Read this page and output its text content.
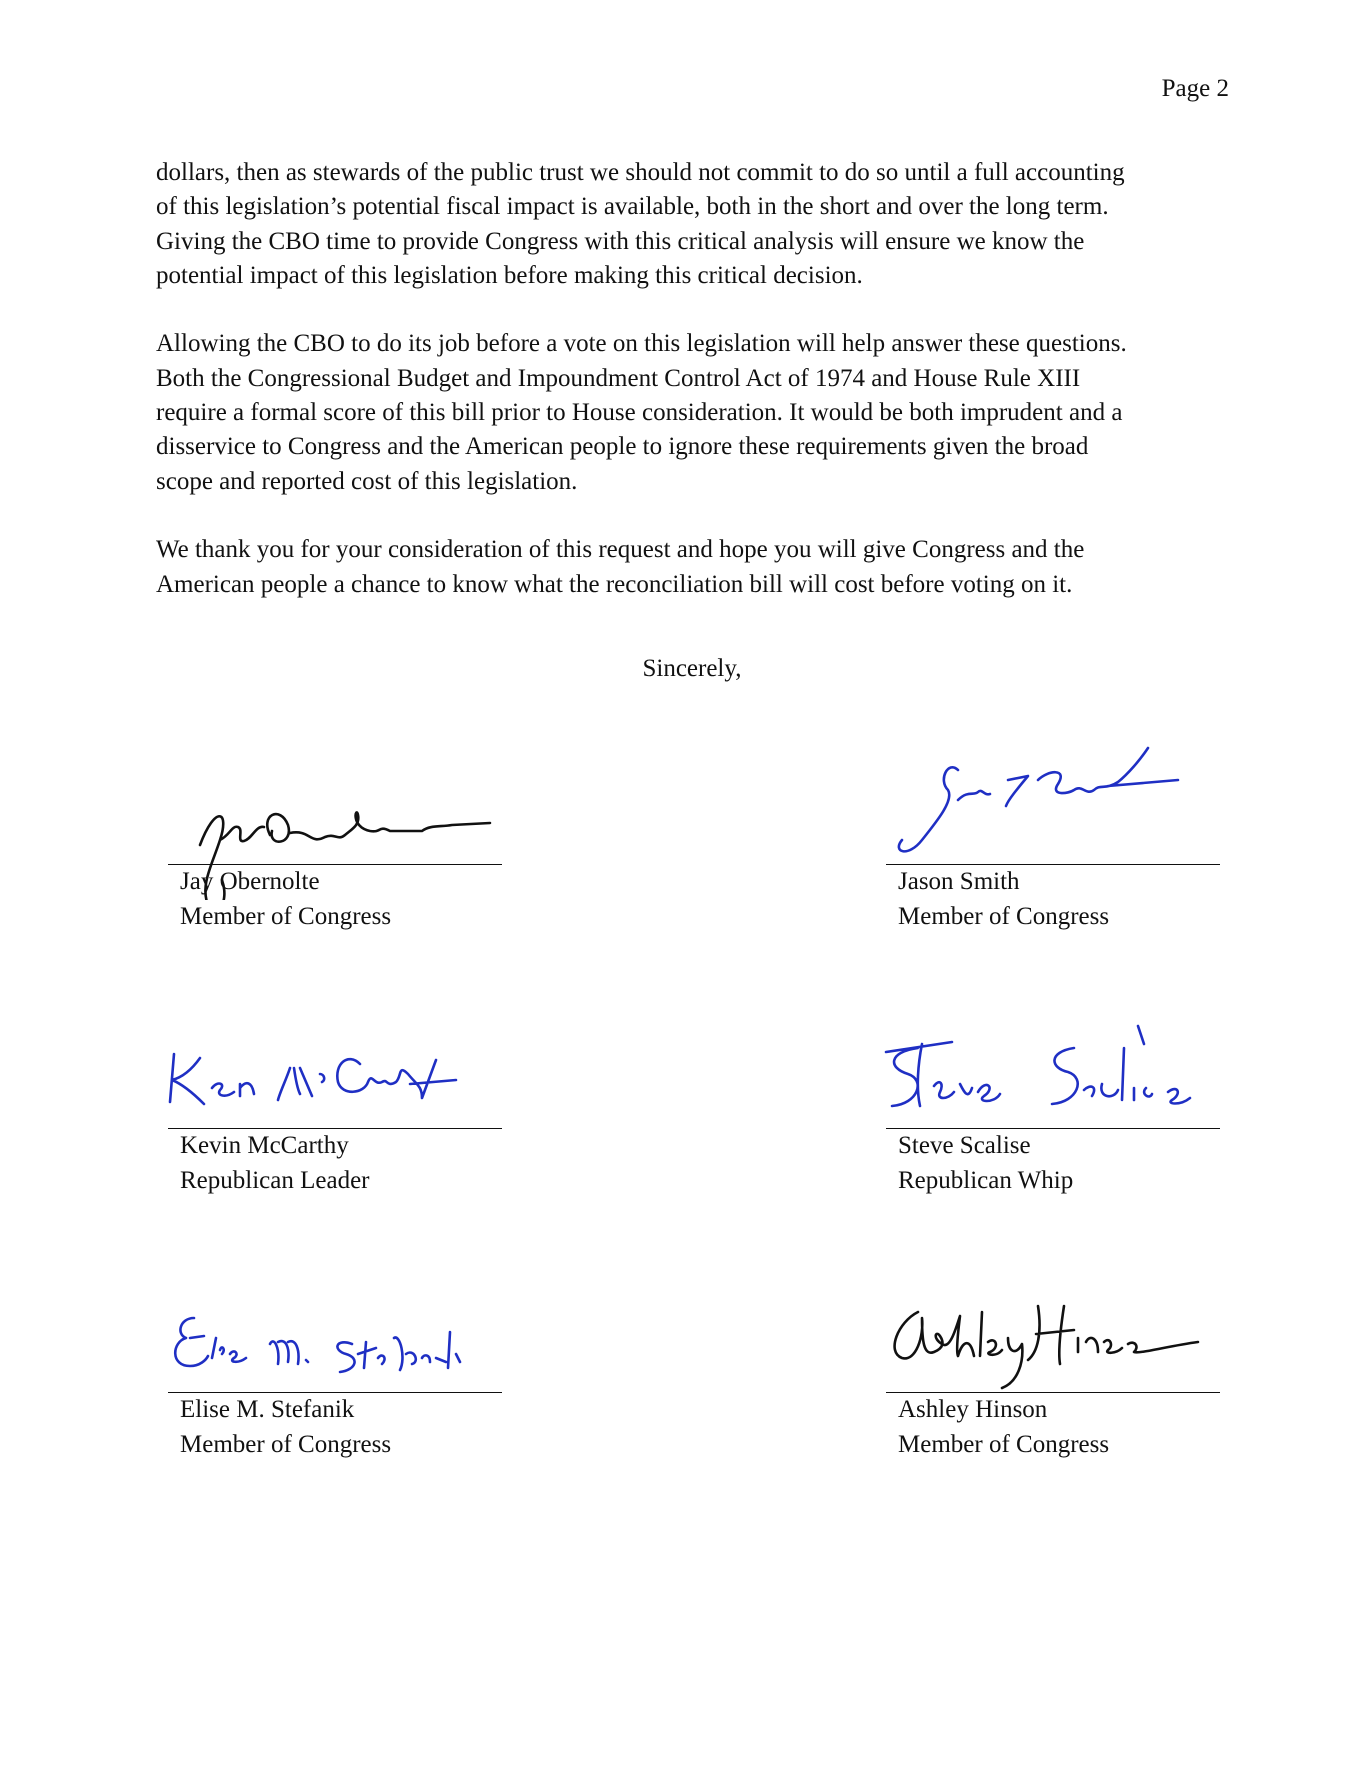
Page 2

dollars, then as stewards of the public trust we should not commit to do so until a full accounting
of this legislation’s potential fiscal impact is available, both in the short and over the long term.
Giving the CBO time to provide Congress with this critical analysis will ensure we know the
potential impact of this legislation before making this critical decision.

Allowing the CBO to do its job before a vote on this legislation will help answer these questions.
Both the Congressional Budget and Impoundment Control Act of 1974 and House Rule XIII
require a formal score of this bill prior to House consideration. It would be both imprudent and a
disservice to Congress and the American people to ignore these requirements given the broad
scope and reported cost of this legislation.

We thank you for your consideration of this request and hope you will give Congress and the
American people a chance to know what the reconciliation bill will cost before voting on it.

Sincerely,
Jay Obernolte
Member of Congress
Jason Smith
Member of Congress
Kevin McCarthy
Republican Leader
Steve Scalise
Republican Whip
Elise M. Stefanik
Member of Congress
Ashley Hinson
Member of Congress
